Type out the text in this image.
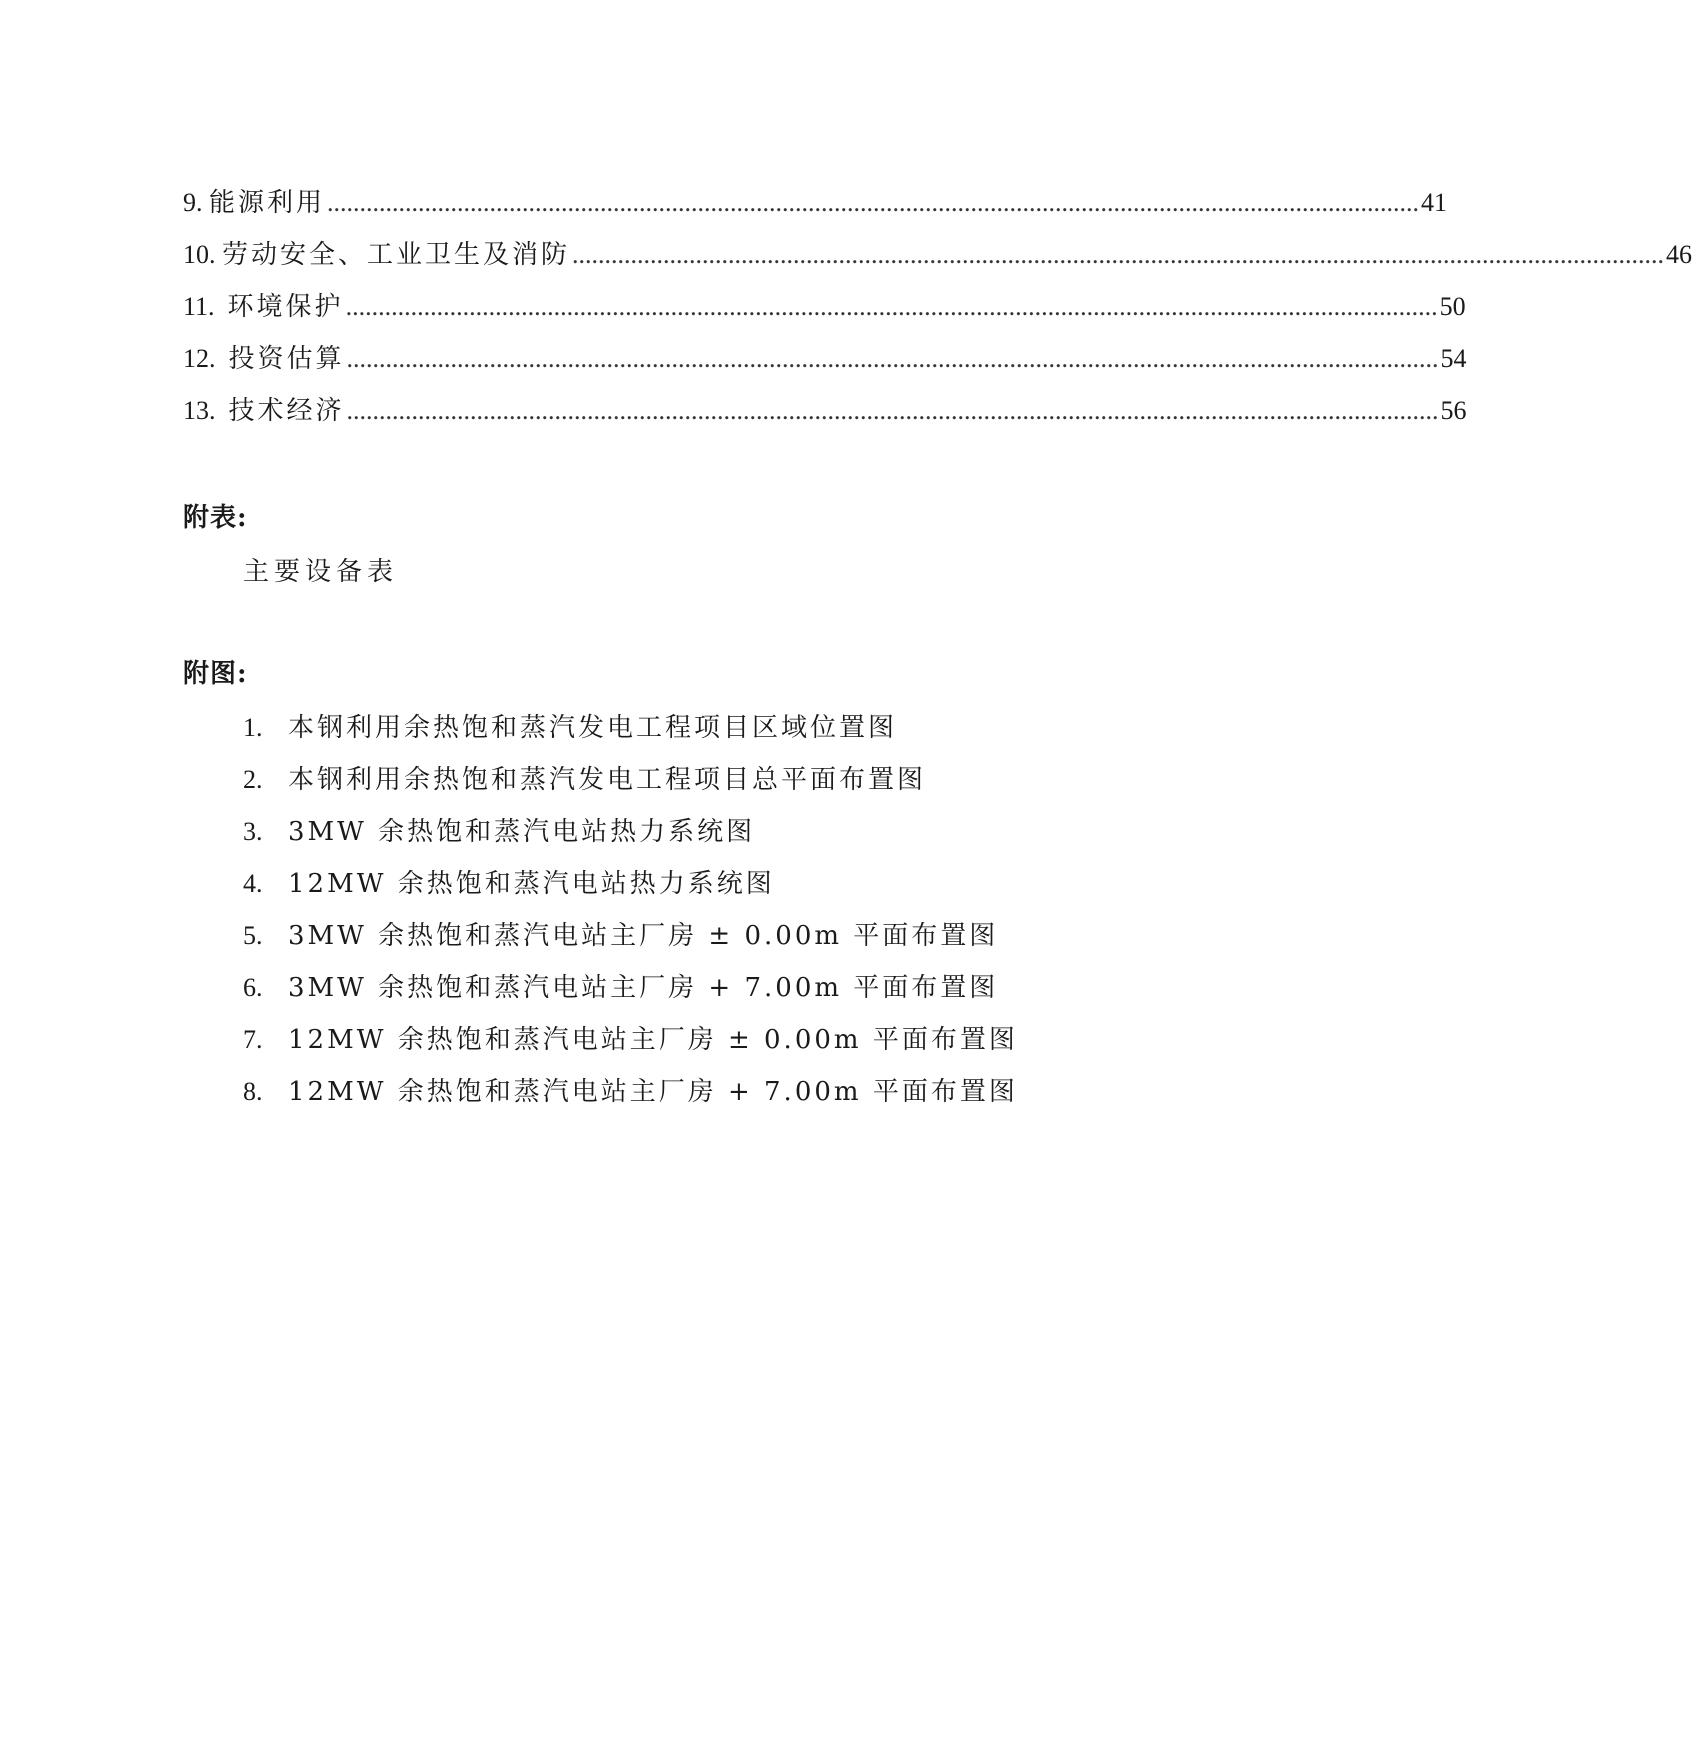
9. 能源利用 ........................................................................................................................................................................ 41
10. 劳动安全、工业卫生及消防 ........................................................................................................................................................................ 46
11. 环境保护 ........................................................................................................................................................................ 50
12. 投资估算 ........................................................................................................................................................................ 54
13. 技术经济 ........................................................................................................................................................................ 56
附表:
主要设备表
附图:
1. 本钢利用余热饱和蒸汽发电工程项目区域位置图
2. 本钢利用余热饱和蒸汽发电工程项目总平面布置图
3. 3MW 余热饱和蒸汽电站热力系统图
4. 12MW 余热饱和蒸汽电站热力系统图
5. 3MW 余热饱和蒸汽电站主厂房 ± 0.00m 平面布置图
6. 3MW 余热饱和蒸汽电站主厂房 + 7.00m 平面布置图
7. 12MW 余热饱和蒸汽电站主厂房 ± 0.00m 平面布置图
8. 12MW 余热饱和蒸汽电站主厂房 + 7.00m 平面布置图
